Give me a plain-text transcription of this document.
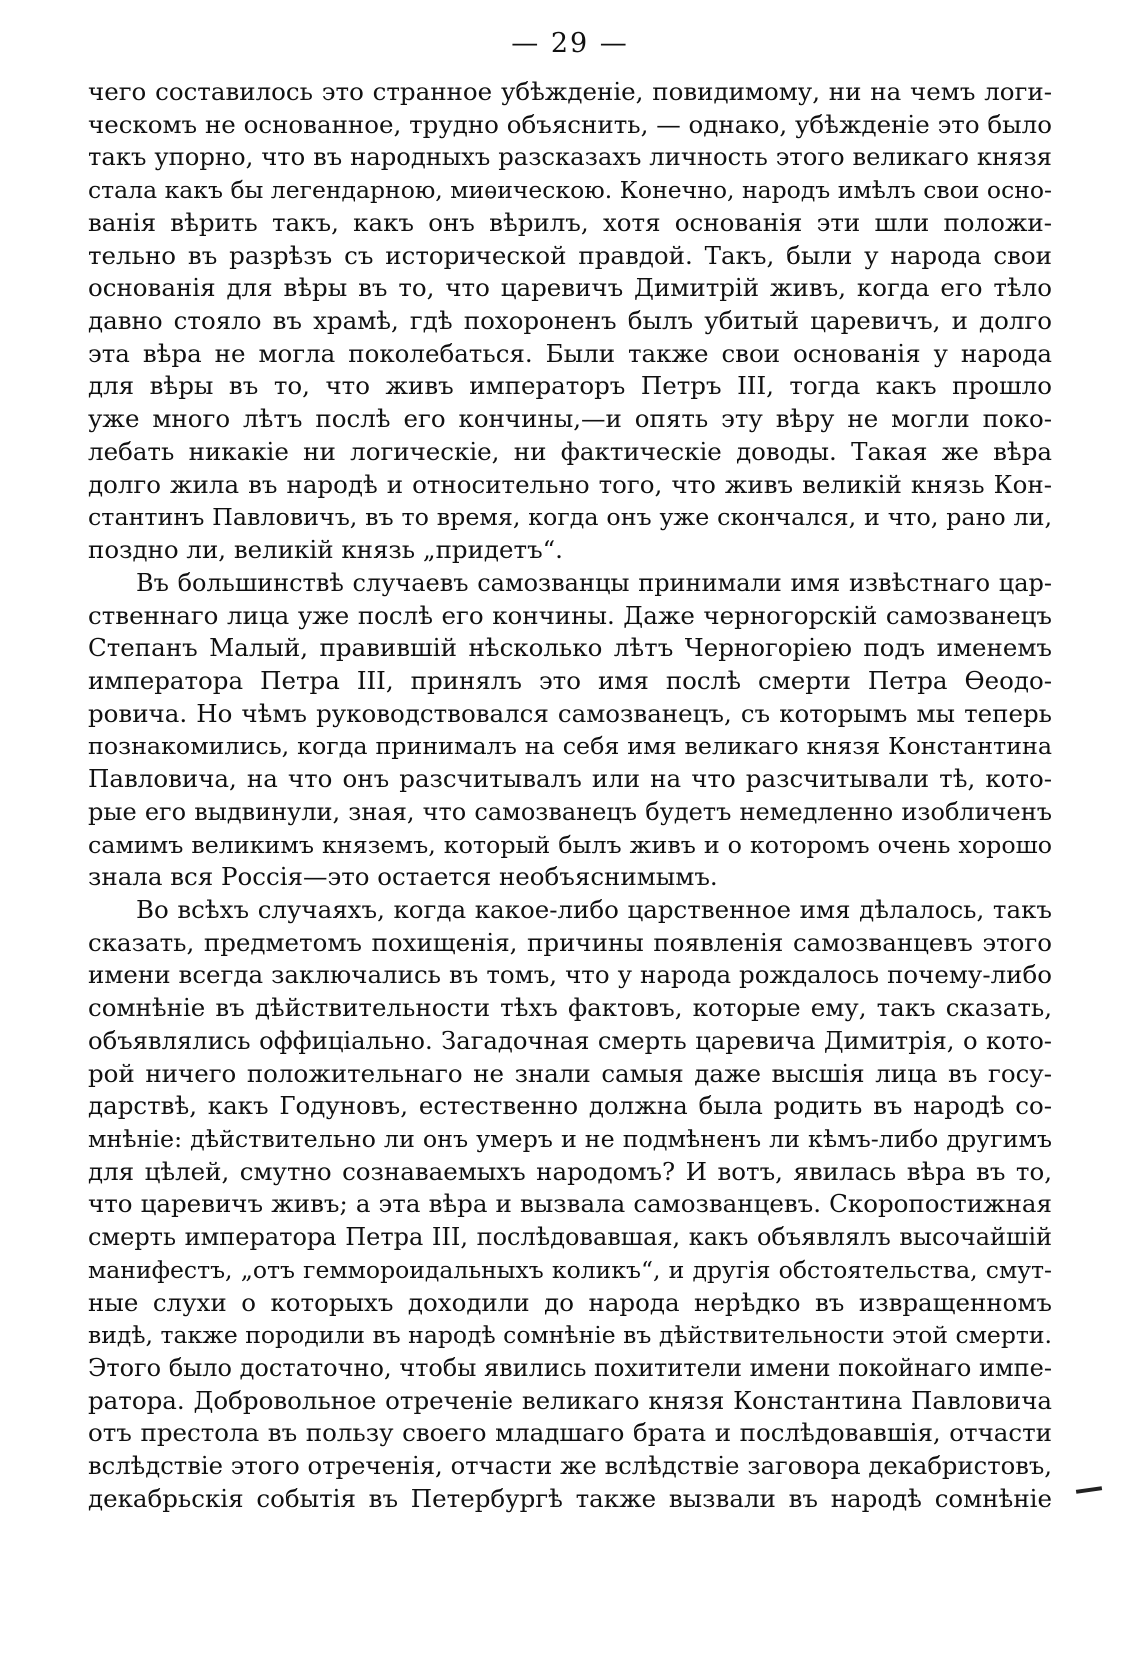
— 29 —
чего составилось это странное убѣжденіе, повидимому, ни на чемъ логи-
ческомъ не основанное, трудно объяснить, — однако, убѣжденіе это было
такъ упорно, что въ народныхъ разсказахъ личность этого великаго князя
стала какъ бы легендарною, миѳическою. Конечно, народъ имѣлъ свои осно-
ванія вѣрить такъ, какъ онъ вѣрилъ, хотя основанія эти шли положи-
тельно въ разрѣзъ съ исторической правдой. Такъ, были у народа свои
основанія для вѣры въ то, что царевичъ Димитрій живъ, когда его тѣло
давно стояло въ храмѣ, гдѣ похороненъ былъ убитый царевичъ, и долго
эта вѣра не могла поколебаться. Были также свои основанія у народа
для вѣры въ то, что живъ императоръ Петръ III, тогда какъ прошло
уже много лѣтъ послѣ его кончины,—и опять эту вѣру не могли поко-
лебать никакіе ни логическіе, ни фактическіе доводы. Такая же вѣра
долго жила въ народѣ и относительно того, что живъ великій князь Кон-
стантинъ Павловичъ, въ то время, когда онъ уже скончался, и что, рано ли,
поздно ли, великій князь „придетъ“.
Въ большинствѣ случаевъ самозванцы принимали имя извѣстнаго цар-
ственнаго лица уже послѣ его кончины. Даже черногорскій самозванецъ
Степанъ Малый, правившій нѣсколько лѣтъ Черногоріею подъ именемъ
императора Петра III, принялъ это имя послѣ смерти Петра Ѳеодо-
ровича. Но чѣмъ руководствовался самозванецъ, съ которымъ мы теперь
познакомились, когда принималъ на себя имя великаго князя Константина
Павловича, на что онъ разсчитывалъ или на что разсчитывали тѣ, кото-
рые его выдвинули, зная, что самозванецъ будетъ немедленно изобличенъ
самимъ великимъ княземъ, который былъ живъ и о которомъ очень хорошо
знала вся Россія—это остается необъяснимымъ.
Во всѣхъ случаяхъ, когда какое-либо царственное имя дѣлалось, такъ
сказать, предметомъ похищенія, причины появленія самозванцевъ этого
имени всегда заключались въ томъ, что у народа рождалось почему-либо
сомнѣніе въ дѣйствительности тѣхъ фактовъ, которые ему, такъ сказать,
объявлялись оффиціально. Загадочная смерть царевича Димитрія, о кото-
рой ничего положительнаго не знали самыя даже высшія лица въ госу-
дарствѣ, какъ Годуновъ, естественно должна была родить въ народѣ со-
мнѣніе: дѣйствительно ли онъ умеръ и не подмѣненъ ли кѣмъ-либо другимъ
для цѣлей, смутно сознаваемыхъ народомъ? И вотъ, явилась вѣра въ то,
что царевичъ живъ; а эта вѣра и вызвала самозванцевъ. Скоропостижная
смерть императора Петра III, послѣдовавшая, какъ объявлялъ высочайшій
манифестъ, „отъ геммороидальныхъ коликъ“, и другія обстоятельства, смут-
ные слухи о которыхъ доходили до народа нерѣдко въ извращенномъ
видѣ, также породили въ народѣ сомнѣніе въ дѣйствительности этой смерти.
Этого было достаточно, чтобы явились похитители имени покойнаго импе-
ратора. Добровольное отреченіе великаго князя Константина Павловича
отъ престола въ пользу своего младшаго брата и послѣдовавшія, отчасти
вслѣдствіе этого отреченія, отчасти же вслѣдствіе заговора декабристовъ,
декабрьскія событія въ Петербургѣ также вызвали въ народѣ сомнѣніе
